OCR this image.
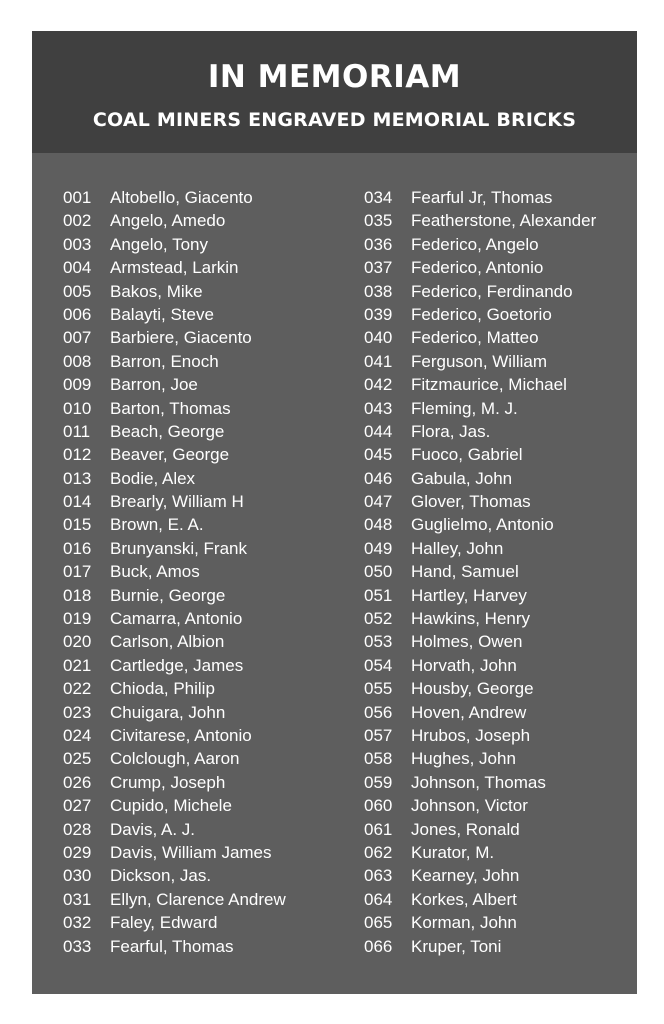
IN MEMORIAM
COAL MINERS ENGRAVED MEMORIAL BRICKS
001 Altobello, Giacento
002 Angelo, Amedo
003 Angelo, Tony
004 Armstead, Larkin
005 Bakos, Mike
006 Balayti, Steve
007 Barbiere, Giacento
008 Barron, Enoch
009 Barron, Joe
010 Barton, Thomas
011 Beach, George
012 Beaver, George
013 Bodie, Alex
014 Brearly, William H
015 Brown, E. A.
016 Brunyanski, Frank
017 Buck, Amos
018 Burnie, George
019 Camarra, Antonio
020 Carlson, Albion
021 Cartledge, James
022 Chioda, Philip
023 Chuigara, John
024 Civitarese, Antonio
025 Colclough, Aaron
026 Crump, Joseph
027 Cupido, Michele
028 Davis, A. J.
029 Davis, William James
030 Dickson, Jas.
031 Ellyn, Clarence Andrew
032 Faley, Edward
033 Fearful, Thomas
034 Fearful Jr, Thomas
035 Featherstone, Alexander
036 Federico, Angelo
037 Federico, Antonio
038 Federico, Ferdinando
039 Federico, Goetorio
040 Federico, Matteo
041 Ferguson, William
042 Fitzmaurice, Michael
043 Fleming, M. J.
044 Flora, Jas.
045 Fuoco, Gabriel
046 Gabula, John
047 Glover, Thomas
048 Guglielmo, Antonio
049 Halley, John
050 Hand, Samuel
051 Hartley, Harvey
052 Hawkins, Henry
053 Holmes, Owen
054 Horvath, John
055 Housby, George
056 Hoven, Andrew
057 Hrubos, Joseph
058 Hughes, John
059 Johnson, Thomas
060 Johnson, Victor
061 Jones, Ronald
062 Kurator, M.
063 Kearney, John
064 Korkes, Albert
065 Korman, John
066 Kruper, Toni
